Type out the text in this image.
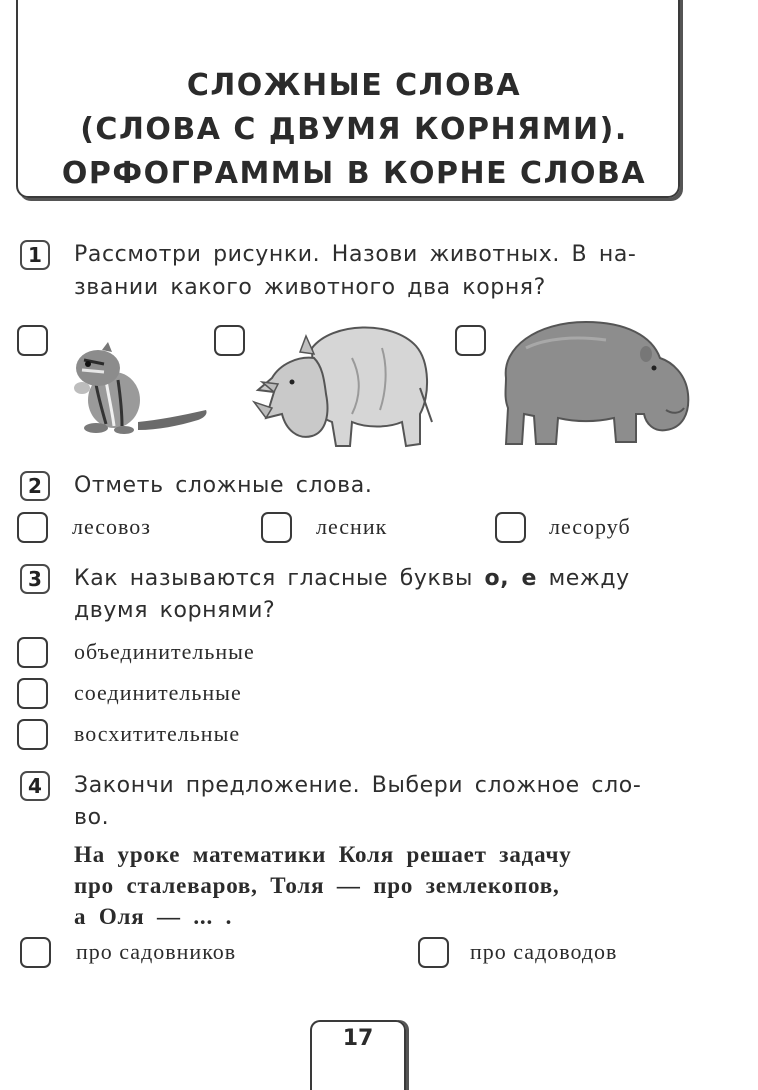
СЛОЖНЫЕ СЛОВА
(СЛОВА С ДВУМЯ КОРНЯМИ).
ОРФОГРАММЫ В КОРНЕ СЛОВА
1	Рассмотри рисунки. Назови животных. В на-
звании какого животного два корня?
2	Отметь сложные слова.
лесовоз	лесник	лесоруб
3	Как называются гласные буквы о, е между
двумя корнями?
объединительные
соединительные
восхитительные
4	Закончи предложение. Выбери сложное сло-
во.
На уроке математики Коля решает задачу
про сталеваров, Толя — про землекопов,
а Оля — ... .
про садовников	про садоводов
17
